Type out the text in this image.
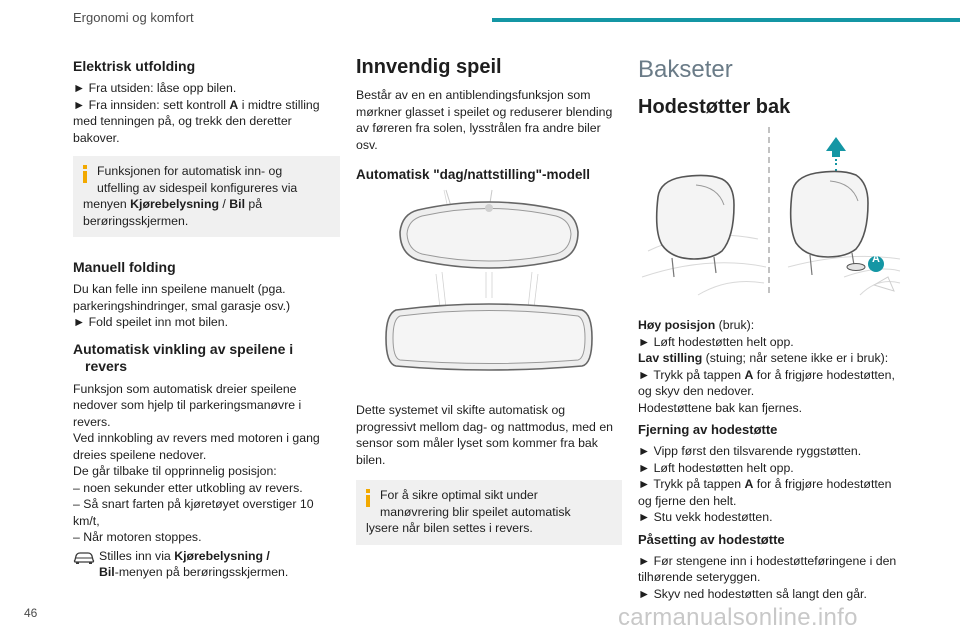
Ergonomi og komfort
Elektrisk utfolding

► Fra utsiden: låse opp bilen.
► Fra innsiden: sett kontroll A i midtre stilling
med tenningen på, og trekk den deretter
bakover.

Funksjonen for automatisk inn- og
utfelling av sidespeil konfigureres via
menyen Kjørebelysning / Bil på
berøringsskjermen.

Manuell folding

Du kan felle inn speilene manuelt (pga.
parkeringshindringer, smal garasje osv.)
► Fold speilet inn mot bilen.

Automatisk vinkling av speilene i
revers

Funksjon som automatisk dreier speilene
nedover som hjelp til parkeringsmanøvre i
revers.
Ved innkobling av revers med motoren i gang
dreies speilene nedover.
De går tilbake til opprinnelig posisjon:
– noen sekunder etter utkobling av revers.
– Så snart farten på kjøretøyet overstiger 10
km/t,
– Når motoren stoppes.

Stilles inn via Kjørebelysning /
Bil-menyen på berøringsskjermen.

Innvendig speil

Består av en en antiblendingsfunksjon som
mørkner glasset i speilet og reduserer blending
av føreren fra solen, lysstrålen fra andre biler
osv.

Automatisk "dag/nattstilling"-modell

Dette systemet vil skifte automatisk og
progressivt mellom dag- og nattmodus, med en
sensor som måler lyset som kommer fra bak
bilen.

For å sikre optimal sikt under
manøvrering blir speilet automatisk
lysere når bilen settes i revers.

Bakseter
Hodestøtter bak
A

Høy posisjon (bruk):
► Løft hodestøtten helt opp.
Lav stilling (stuing; når setene ikke er i bruk):
► Trykk på tappen A for å frigjøre hodestøtten,
og skyv den nedover.
Hodestøttene bak kan fjernes.

Fjerning av hodestøtte

► Vipp først den tilsvarende ryggstøtten.
► Løft hodestøtten helt opp.
► Trykk på tappen A for å frigjøre hodestøtten
og fjerne den helt.
► Stu vekk hodestøtten.

Påsetting av hodestøtte

► Før stengene inn i hodestøtteføringene i den
tilhørende seteryggen.
► Skyv ned hodestøtten så langt den går.

46	carmanualsonline.info
